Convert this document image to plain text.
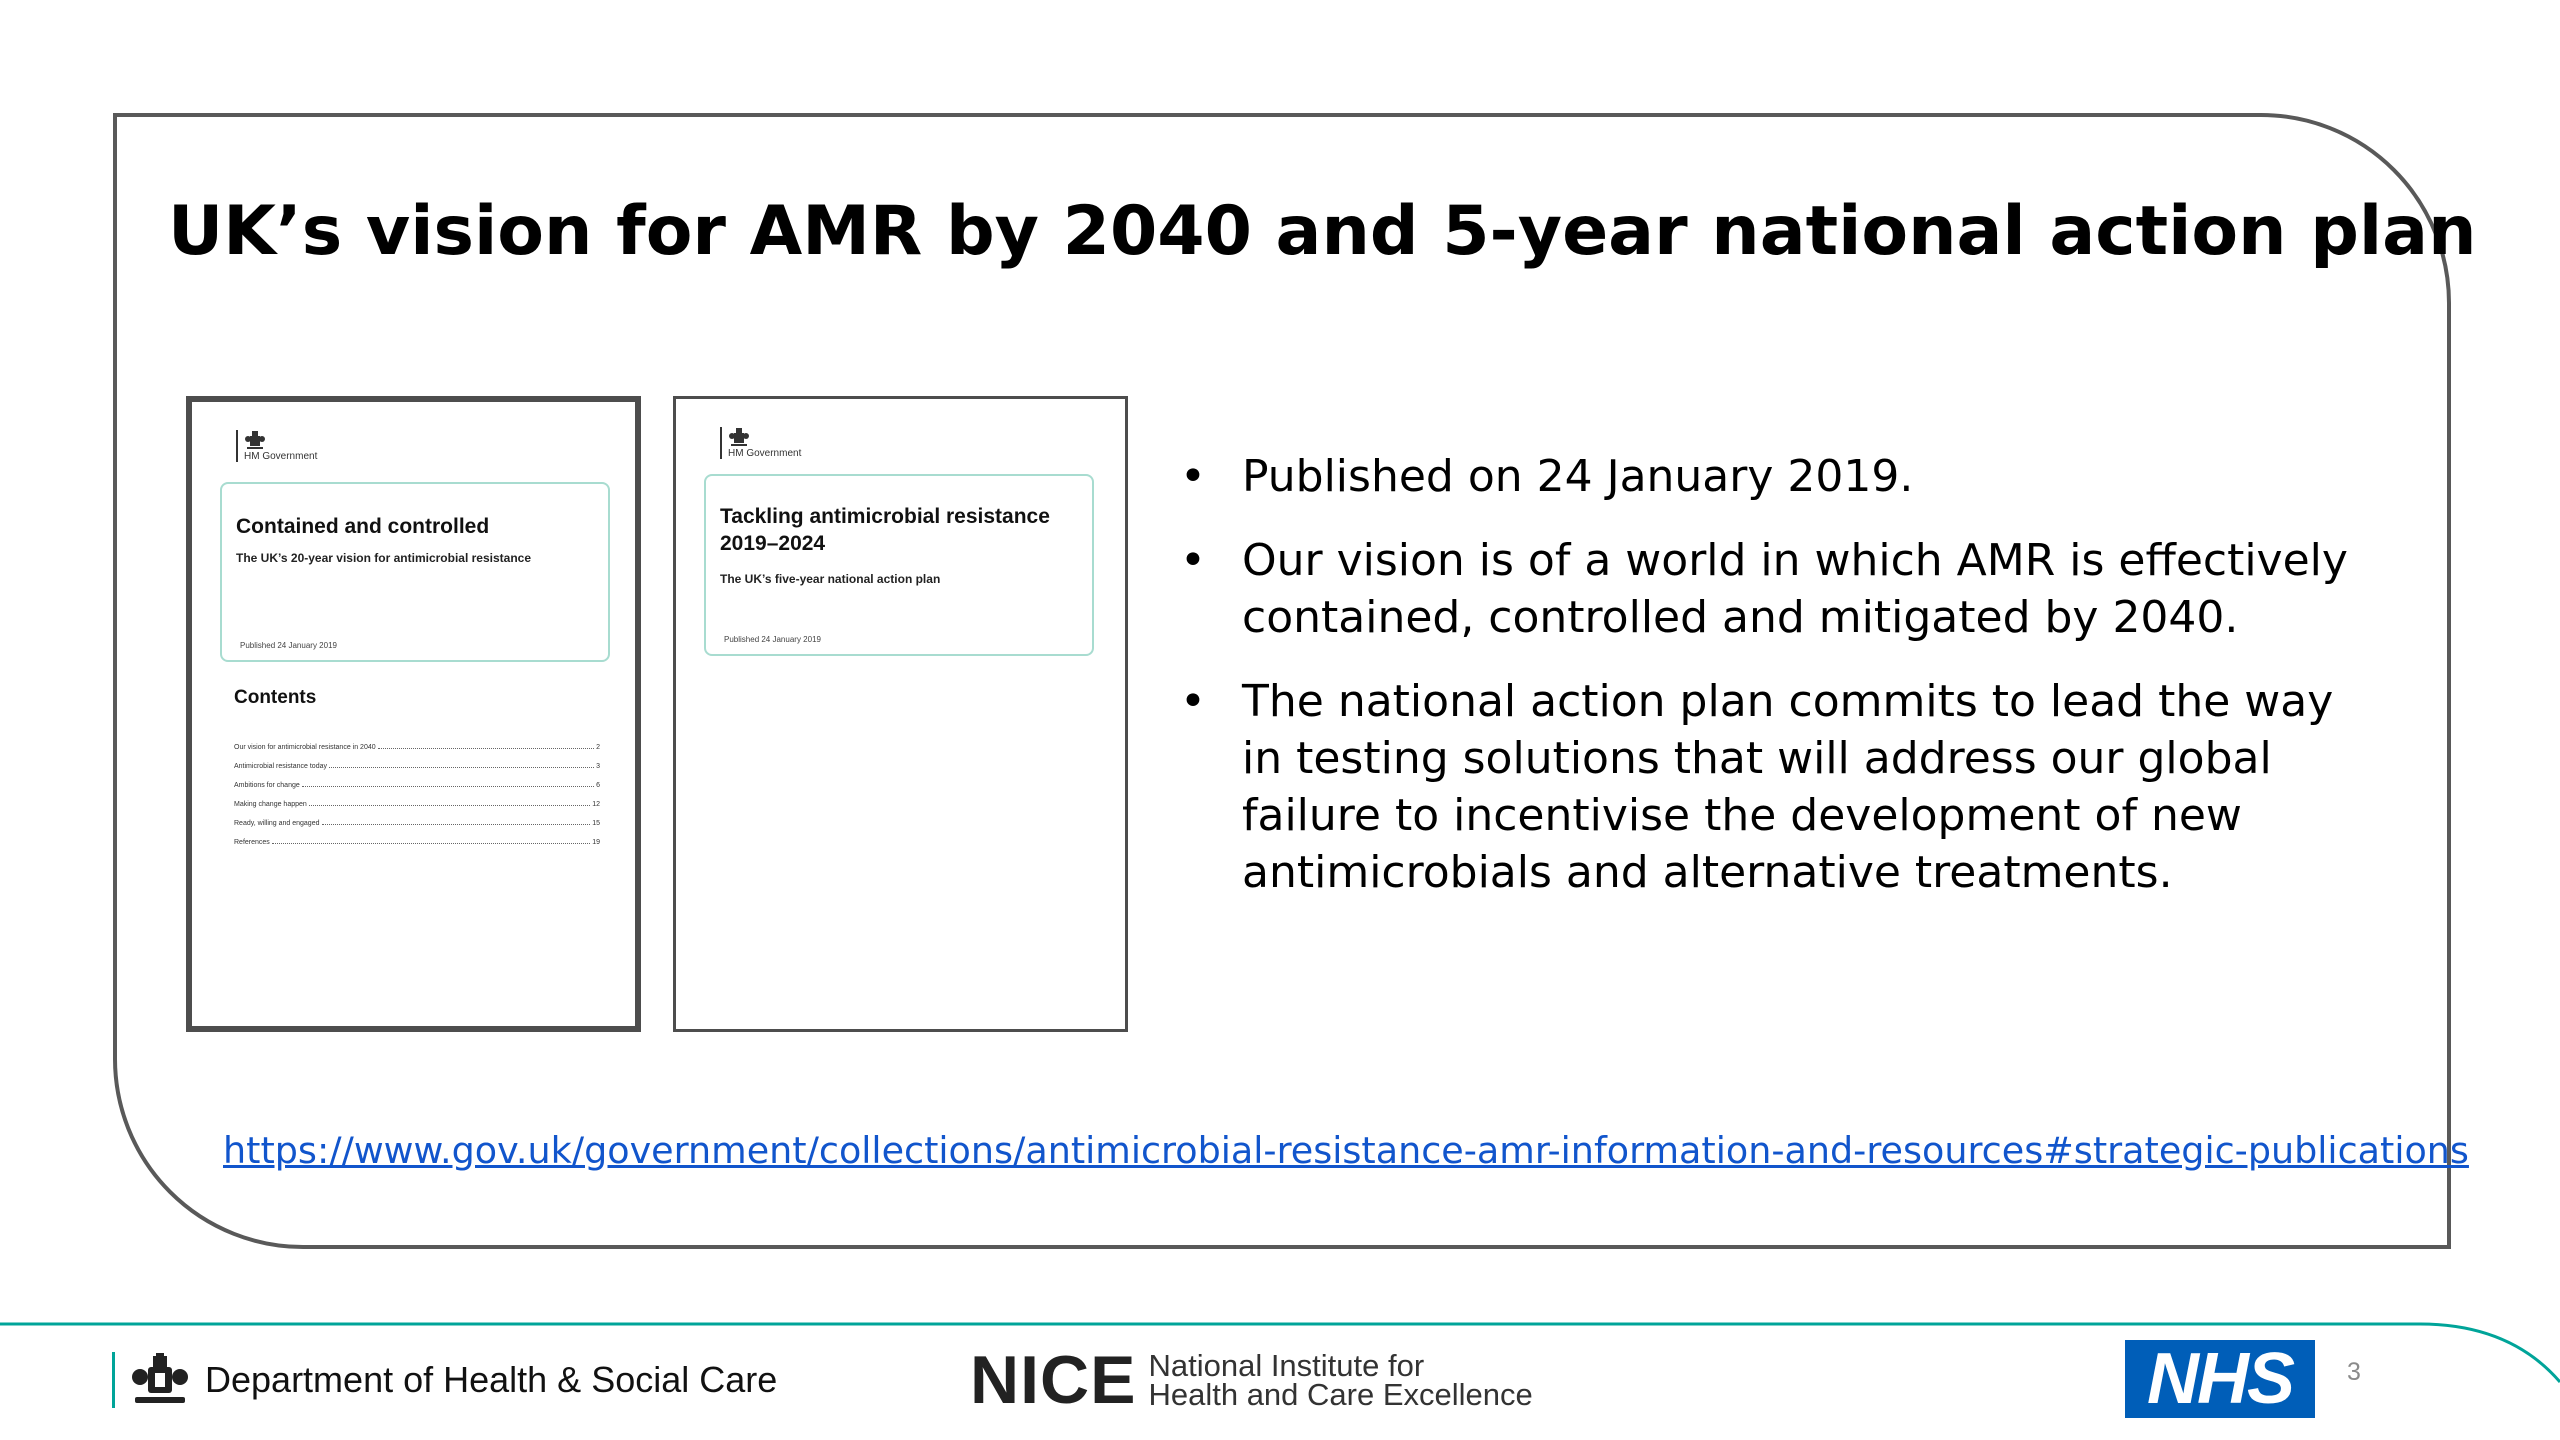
UK’s vision for AMR by 2040 and 5-year national action plan
HM Government
Contained and controlled
The UK’s 20-year vision for antimicrobial resistance
Published 24 January 2019
Contents
Our vision for antimicrobial resistance in 2040	2
Antimicrobial resistance today	3
Ambitions for change	6
Making change happen	12
Ready, willing and engaged	15
References	19
HM Government
Tackling antimicrobial resistance 2019–2024
The UK’s five-year national action plan
Published 24 January 2019
• Published on 24 January 2019.
• Our vision is of a world in which AMR is effectively contained, controlled and mitigated by 2040.
• The national action plan commits to lead the way in testing solutions that will address our global failure to incentivise the development of new antimicrobials and alternative treatments.
https://www.gov.uk/government/collections/antimicrobial-resistance-amr-information-and-resources#strategic-publications
Department of Health & Social Care	NICE National Institute for
Health and Care Excellence	NHS 3
